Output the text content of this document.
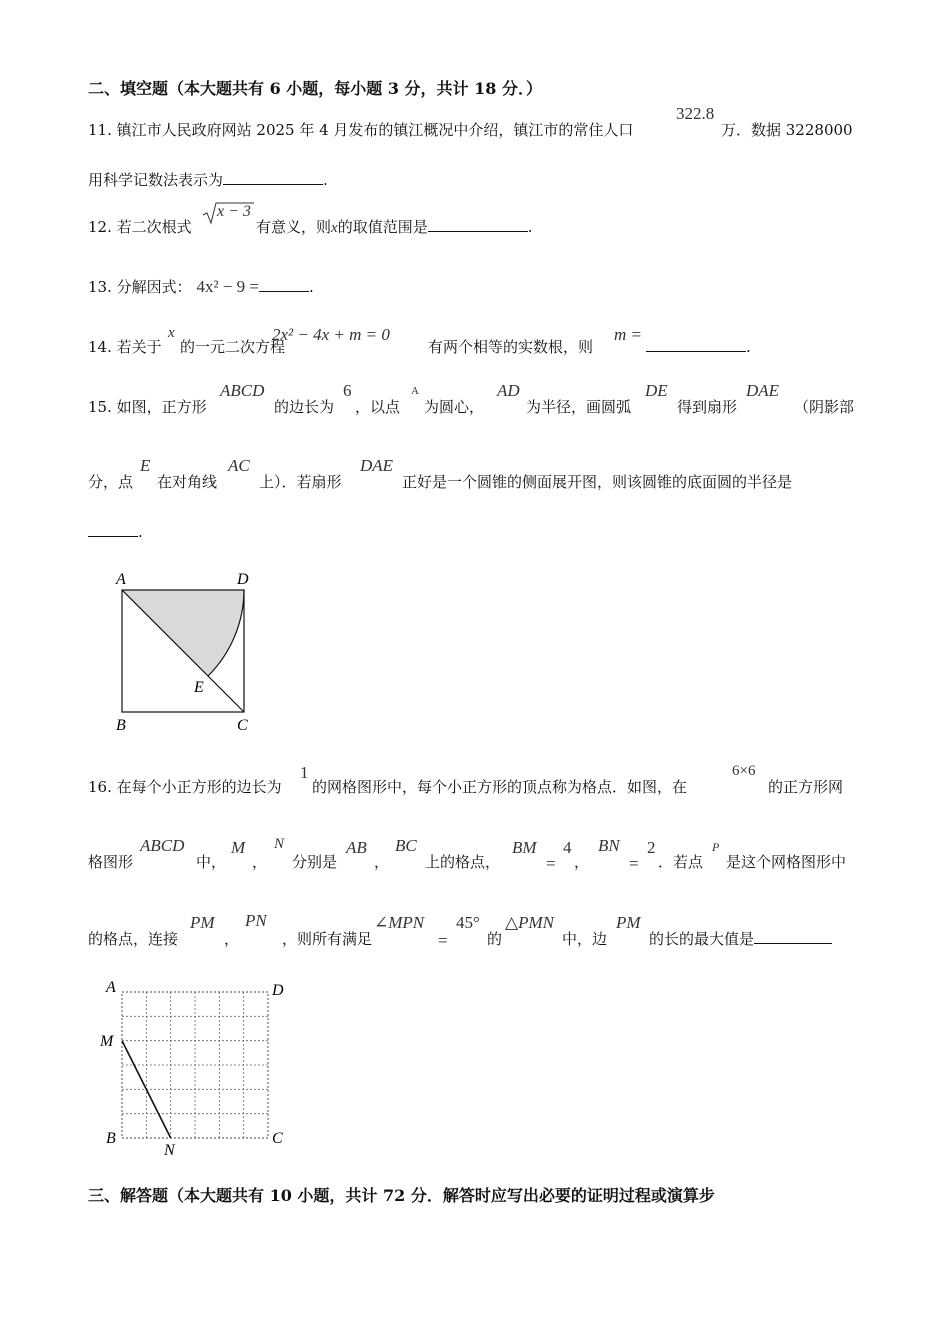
二、填空题（本大题共有 6 小题，每小题 3 分，共计 18 分．）
11. 镇江市人民政府网站 2025 年 4 月发布的镇江概况中介绍，镇江市的常住人口
322.8
万．数据 3228000
用科学记数法表示为	.
12. 若二次根式
x − 3
有意义，则x的取值范围是	.
13. 分解因式： 4x² − 9 =	.
14. 若关于
x
的一元二次方程
2x² − 4x + m = 0
有两个相等的实数根，则
m =
.
15. 如图，正方形
ABCD
的边长为
6
，以点
A
为圆心，
AD
为半径，画圆弧
DE
得到扇形
DAE
（阴影部
分，点
E
在对角线
AC
上）．若扇形
DAE
正好是一个圆锥的侧面展开图，则该圆锥的底面圆的半径是
.
A	D
B	C
E
16. 在每个小正方形的边长为
1
的网格图形中，每个小正方形的顶点称为格点．如图，在
6×6
的正方形网
格图形
ABCD
中，
M
，
N
分别是
AB
，
BC
上的格点，
BM
=
4
，
BN
=
2
．若点
P
是这个网格图形中
的格点，连接
PM
，
PN
，则所有满足
∠MPN
=
45°
的
△PMN
中，边
PM
的长的最大值是
A	D
M
B
N
C
三、解答题（本大题共有 10 小题，共计 72 分．解答时应写出必要的证明过程或演算步
